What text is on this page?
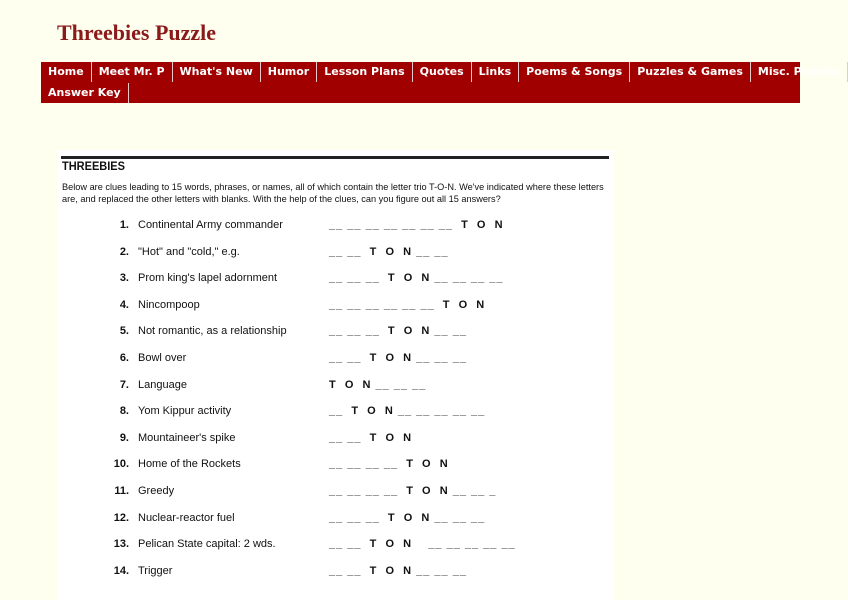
Threebies Puzzle
Home	Meet Mr. P	What's New	Humor	Lesson Plans	Quotes	Links	Poems & Songs	Puzzles & Games	Misc. Puzzles
Answer Key
THREEBIES
Below are clues leading to 15 words, phrases, or names, all of which contain the letter trio T-O-N. We've indicated where these letters are, and replaced the other letters with blanks. With the help of the clues, can you figure out all 15 answers?
1. Continental Army commander	__ __ __ __ __ __ __  T  O  N
2. "Hot" and "cold," e.g.	__ __  T  O  N __ __
3. Prom king's lapel adornment	__ __ __  T  O  N __ __ __ __
4. Nincompoop	__ __ __ __ __ __  T  O  N
5. Not romantic, as a relationship	__ __ __  T  O  N __ __
6. Bowl over	__ __  T  O  N __ __ __
7. Language	T  O  N __ __ __
8. Yom Kippur activity	__  T  O  N __ __ __ __ __
9. Mountaineer's spike	__ __  T  O  N
10. Home of the Rockets	__ __ __ __  T  O  N
11. Greedy	__ __ __ __  T  O  N __ __ _
12. Nuclear-reactor fuel	__ __ __  T  O  N __ __ __
13. Pelican State capital: 2 wds.	__ __  T  O  N    __ __ __ __ __
14. Trigger	__ __  T  O  N __ __ __
